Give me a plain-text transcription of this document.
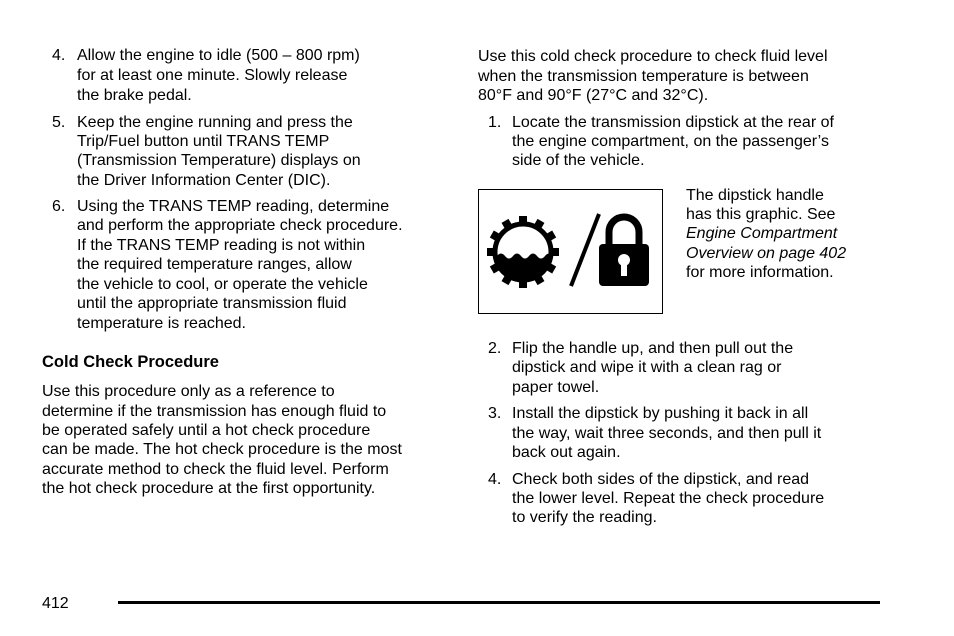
4. Allow the engine to idle (500 – 800 rpm)
for at least one minute. Slowly release
the brake pedal.
5. Keep the engine running and press the
Trip/Fuel button until TRANS TEMP
(Transmission Temperature) displays on
the Driver Information Center (DIC).
6. Using the TRANS TEMP reading, determine
and perform the appropriate check procedure.
If the TRANS TEMP reading is not within
the required temperature ranges, allow
the vehicle to cool, or operate the vehicle
until the appropriate transmission fluid
temperature is reached.
Cold Check Procedure
Use this procedure only as a reference to
determine if the transmission has enough fluid to
be operated safely until a hot check procedure
can be made. The hot check procedure is the most
accurate method to check the fluid level. Perform
the hot check procedure at the first opportunity.
Use this cold check procedure to check fluid level
when the transmission temperature is between
80°F and 90°F (27°C and 32°C).
1. Locate the transmission dipstick at the rear of
the engine compartment, on the passenger’s
side of the vehicle.
The dipstick handle
has this graphic. See
Engine Compartment
Overview on page 402
for more information.
2. Flip the handle up, and then pull out the
dipstick and wipe it with a clean rag or
paper towel.
3. Install the dipstick by pushing it back in all
the way, wait three seconds, and then pull it
back out again.
4. Check both sides of the dipstick, and read
the lower level. Repeat the check procedure
to verify the reading.
412
